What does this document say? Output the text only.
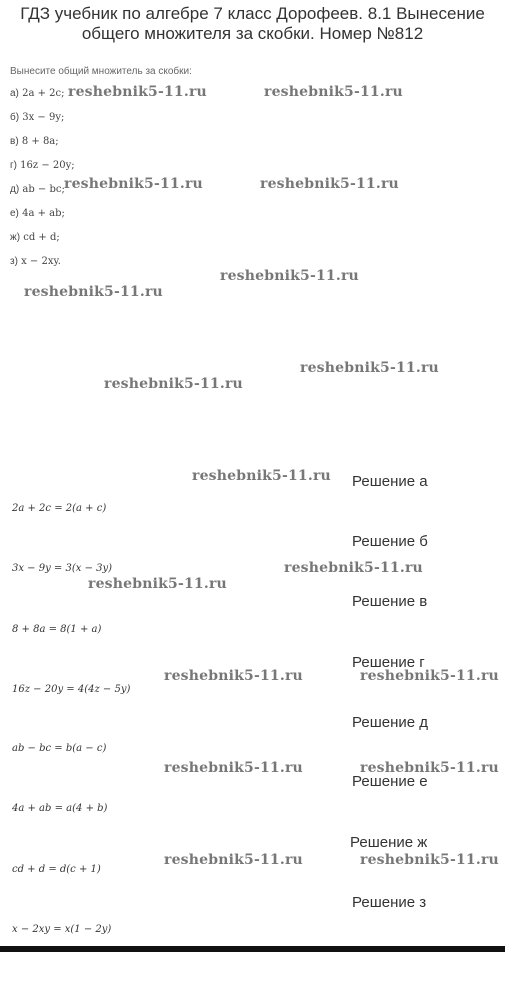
ГДЗ учебник по алгебре 7 класс Дорофеев. 8.1 Вынесение общего множителя за скобки. Номер №812
Вынесите общий множитель за скобки:
а) 2a + 2c;
б) 3x − 9y;
в) 8 + 8a;
г) 16z − 20y;
д) ab − bc;
е) 4a + ab;
ж) cd + d;
з) x − 2xy.
reshebnik5-11.ru	reshebnik5-11.ru
reshebnik5-11.ru	reshebnik5-11.ru
reshebnik5-11.ru
reshebnik5-11.ru
reshebnik5-11.ru
reshebnik5-11.ru
reshebnik5-11.ru
reshebnik5-11.ru
reshebnik5-11.ru
reshebnik5-11.ru	reshebnik5-11.ru
reshebnik5-11.ru	reshebnik5-11.ru
reshebnik5-11.ru	reshebnik5-11.ru
Решение а
2a + 2c = 2(a + c)
Решение б
3x − 9y = 3(x − 3y)
Решение в
8 + 8a = 8(1 + a)
Решение г
16z − 20y = 4(4z − 5y)
Решение д
ab − bc = b(a − c)
Решение е
4a + ab = a(4 + b)
Решение ж
cd + d = d(c + 1)
Решение з
x − 2xy = x(1 − 2y)
